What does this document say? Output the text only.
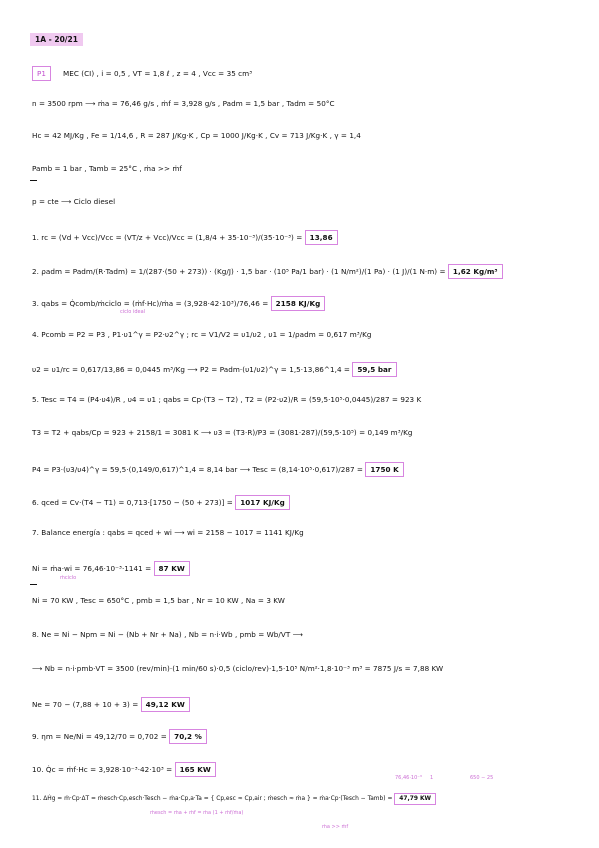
1A - 20/21
P1 MEC (CI) , i = 0,5 , VT = 1,8 ℓ , z = 4 , Vcc = 35 cm³
n = 3500 rpm ⟶ ṁa = 76,46 g/s , ṁf = 3,928 g/s , Padm = 1,5 bar , Tadm = 50°C
Hc = 42 MJ/Kg , Fe = 1/14,6 , R = 287 J/Kg·K , Cp = 1000 J/Kg·K , Cv = 713 J/Kg·K , γ = 1,4
Pamb = 1 bar , Tamb = 25°C , ṁa >> ṁf
p = cte ⟶ Ciclo diesel
1. rc = (Vd + Vcc)/Vcc = (VT/z + Vcc)/Vcc = (1,8/4 + 35·10⁻³)/(35·10⁻³) = 13,86
2. ρadm = Padm/(R·Tadm) = 1/(287·(50 + 273)) · (Kg/J) · 1,5 bar · (10⁵ Pa/1 bar) · (1 N/m²)/(1 Pa) · (1 J)/(1 N·m) = 1,62 Kg/m³
3. qabs = Q̇comb/ṁciclo = (ṁf·Hc)/ṁa = (3,928·42·10³)/76,46 = 2158 KJ/Kg
ciclo ideal
4. Pcomb = P2 = P3 , P1·υ1^γ = P2·υ2^γ ; rc = V1/V2 = υ1/υ2 , υ1 = 1/ρadm = 0,617 m³/Kg
υ2 = υ1/rc = 0,617/13,86 = 0,0445 m³/Kg ⟶ P2 = Padm·(υ1/υ2)^γ = 1,5·13,86^1,4 = 59,5 bar
5. Tesc = T4 = (P4·υ4)/R , υ4 = υ1 ; qabs = Cp·(T3 − T2) , T2 = (P2·υ2)/R = (59,5·10⁵·0,0445)/287 = 923 K
T3 = T2 + qabs/Cp = 923 + 2158/1 = 3081 K ⟶ υ3 = (T3·R)/P3 = (3081·287)/(59,5·10⁵) = 0,149 m³/Kg
P4 = P3·(υ3/υ4)^γ = 59,5·(0,149/0,617)^1,4 = 8,14 bar ⟶ Tesc = (8,14·10⁵·0,617)/287 = 1750 K
6. qced = Cv·(T4 − T1) = 0,713·[1750 − (50 + 273)] = 1017 KJ/Kg
7. Balance energía : qabs = qced + wi ⟶ wi = 2158 − 1017 = 1141 KJ/Kg
Ni = ṁa·wi = 76,46·10⁻³·1141 = 87 KW
ṁciclo
Ni = 70 KW , Tesc = 650°C , pmb = 1,5 bar , Nr = 10 KW , Na = 3 KW
8. Ne = Ni − Npm = Ni − (Nb + Nr + Na) , Nb = n·i·Wb , pmb = Wb/VT ⟶
⟶ Nb = n·i·pmb·VT = 3500 (rev/min)·(1 min/60 s)·0,5 (ciclo/rev)·1,5·10⁵ N/m²·1,8·10⁻³ m³ = 7875 J/s = 7,88 KW
Ne = 70 − (7,88 + 10 + 3) = 49,12 KW
9. ηm = Ne/Ni = 49,12/70 = 0,702 = 70,2 %
10. Q̇c = ṁf·Hc = 3,928·10⁻³·42·10³ = 165 KW
76,46·10⁻³ 1	650 − 25
11. ΔḢg = ṁ·Cp·ΔT = ṁesch·Cp,esch·Tesch − ṁa·Cp,a·Ta = { Cp,esc ≈ Cp,air ; ṁesch ≈ ṁa } = ṁa·Cp·(Tesch − Tamb) = 47,79 KW
ṁesch = ṁa + ṁf = ṁa (1 + ṁf/ṁa)
ṁa >> ṁf
